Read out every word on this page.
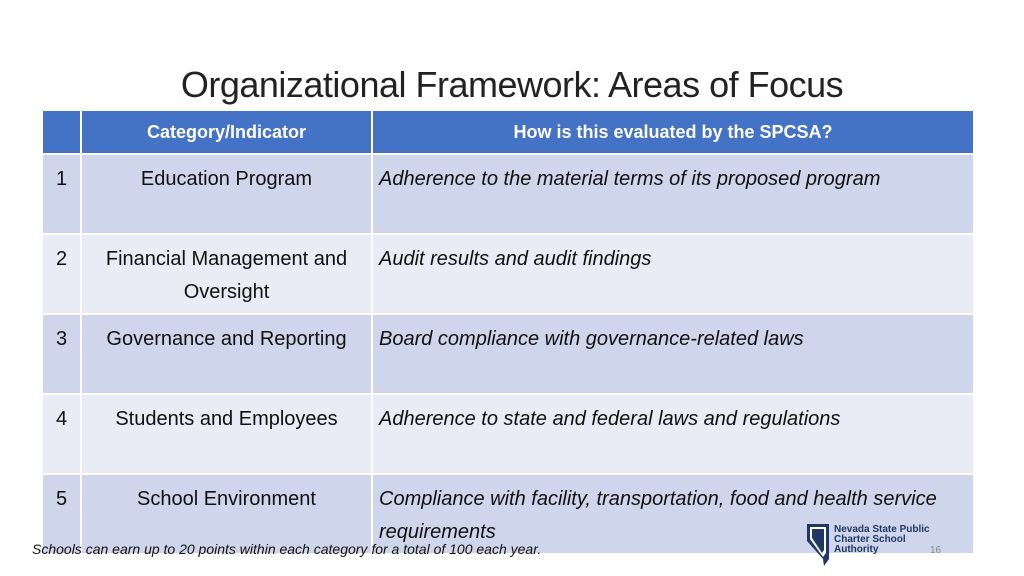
Organizational Framework: Areas of Focus
	Category/Indicator	How is this evaluated by the SPCSA?
1	Education Program	Adherence to the material terms of its proposed program
2	Financial Management and Oversight	Audit results and audit findings
3	Governance and Reporting	Board compliance with governance-related laws
4	Students and Employees	Adherence to state and federal laws and regulations
5	School Environment	Compliance with facility, transportation, food and health service requirements
Schools can earn up to 20 points within each category for a total of 100 each year.
Nevada State Public
Charter School
Authority	16
